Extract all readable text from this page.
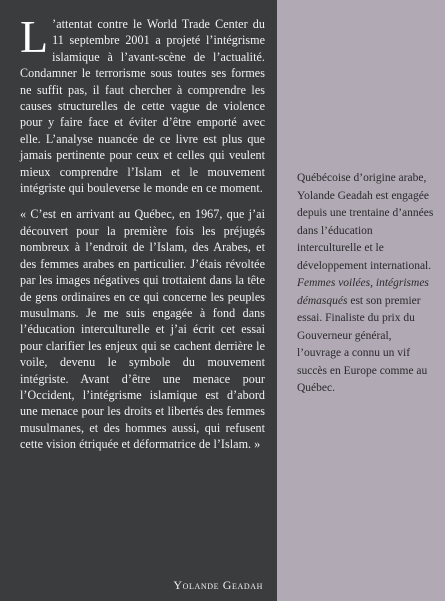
L ’attentat contre le World Trade Center du 11 septembre 2001 a projeté l’intégrisme islamique à l’avant-scène de l’actualité. Condamner le terrorisme sous toutes ses formes ne suffit pas, il faut chercher à comprendre les causes structurelles de cette vague de violence pour y faire face et éviter d’être emporté avec elle. L’analyse nuancée de ce livre est plus que jamais pertinente pour ceux et celles qui veulent mieux comprendre l’Islam et le mouvement intégriste qui bouleverse le monde en ce moment.

« C’est en arrivant au Québec, en 1967, que j’ai découvert pour la première fois les préjugés nombreux à l’endroit de l’Islam, des Arabes, et des femmes arabes en particulier. J’étais révoltée par les images négatives qui trottaient dans la tête de gens ordinaires en ce qui concerne les peuples musulmans. Je me suis engagée à fond dans l’éducation interculturelle et j’ai écrit cet essai pour clarifier les enjeux qui se cachent derrière le voile, devenu le symbole du mouvement intégriste. Avant d’être une menace pour l’Occident, l’intégrisme islamique est d’abord une menace pour les droits et libertés des femmes musulmanes, et des hommes aussi, qui refusent cette vision étriquée et déformatrice de l’Islam. »

Yolande Geadah

Québécoise d’origine arabe, Yolande Geadah est engagée depuis une trentaine d’années dans l’éducation interculturelle et le développement international. Femmes voilées, intégrismes démasqués est son premier essai. Finaliste du prix du Gouverneur général, l’ouvrage a connu un vif succès en Europe comme au Québec.
